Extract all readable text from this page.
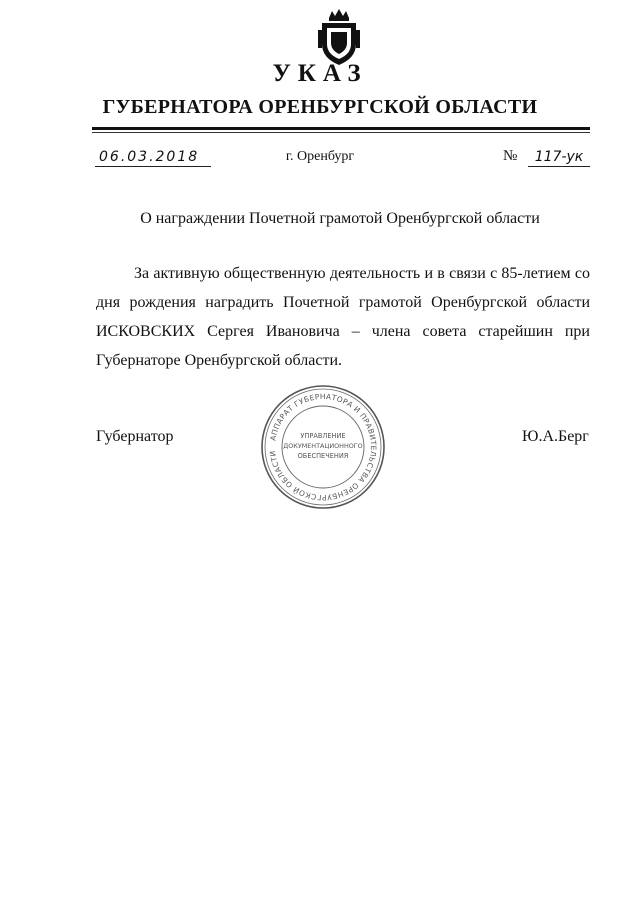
УКАЗ
ГУБЕРНАТОРА ОРЕНБУРГСКОЙ ОБЛАСТИ
06.03.2018	г. Оренбург	№	117-ук
О награждении Почетной грамотой Оренбургской области

За активную общественную деятельность и в связи с 85-летием со дня рождения наградить Почетной грамотой Оренбургской области ИСКОВСКИХ Сергея Ивановича – члена совета старейшин при Губернаторе Оренбургской области.

Губернатор	Ю.А.Берг
АППАРАТ ГУБЕРНАТОРА И ПРАВИТЕЛЬСТВА ОРЕНБУРГСКОЙ ОБЛАСТИ
УПРАВЛЕНИЕ
ДОКУМЕНТАЦИОННОГО
ОБЕСПЕЧЕНИЯ
